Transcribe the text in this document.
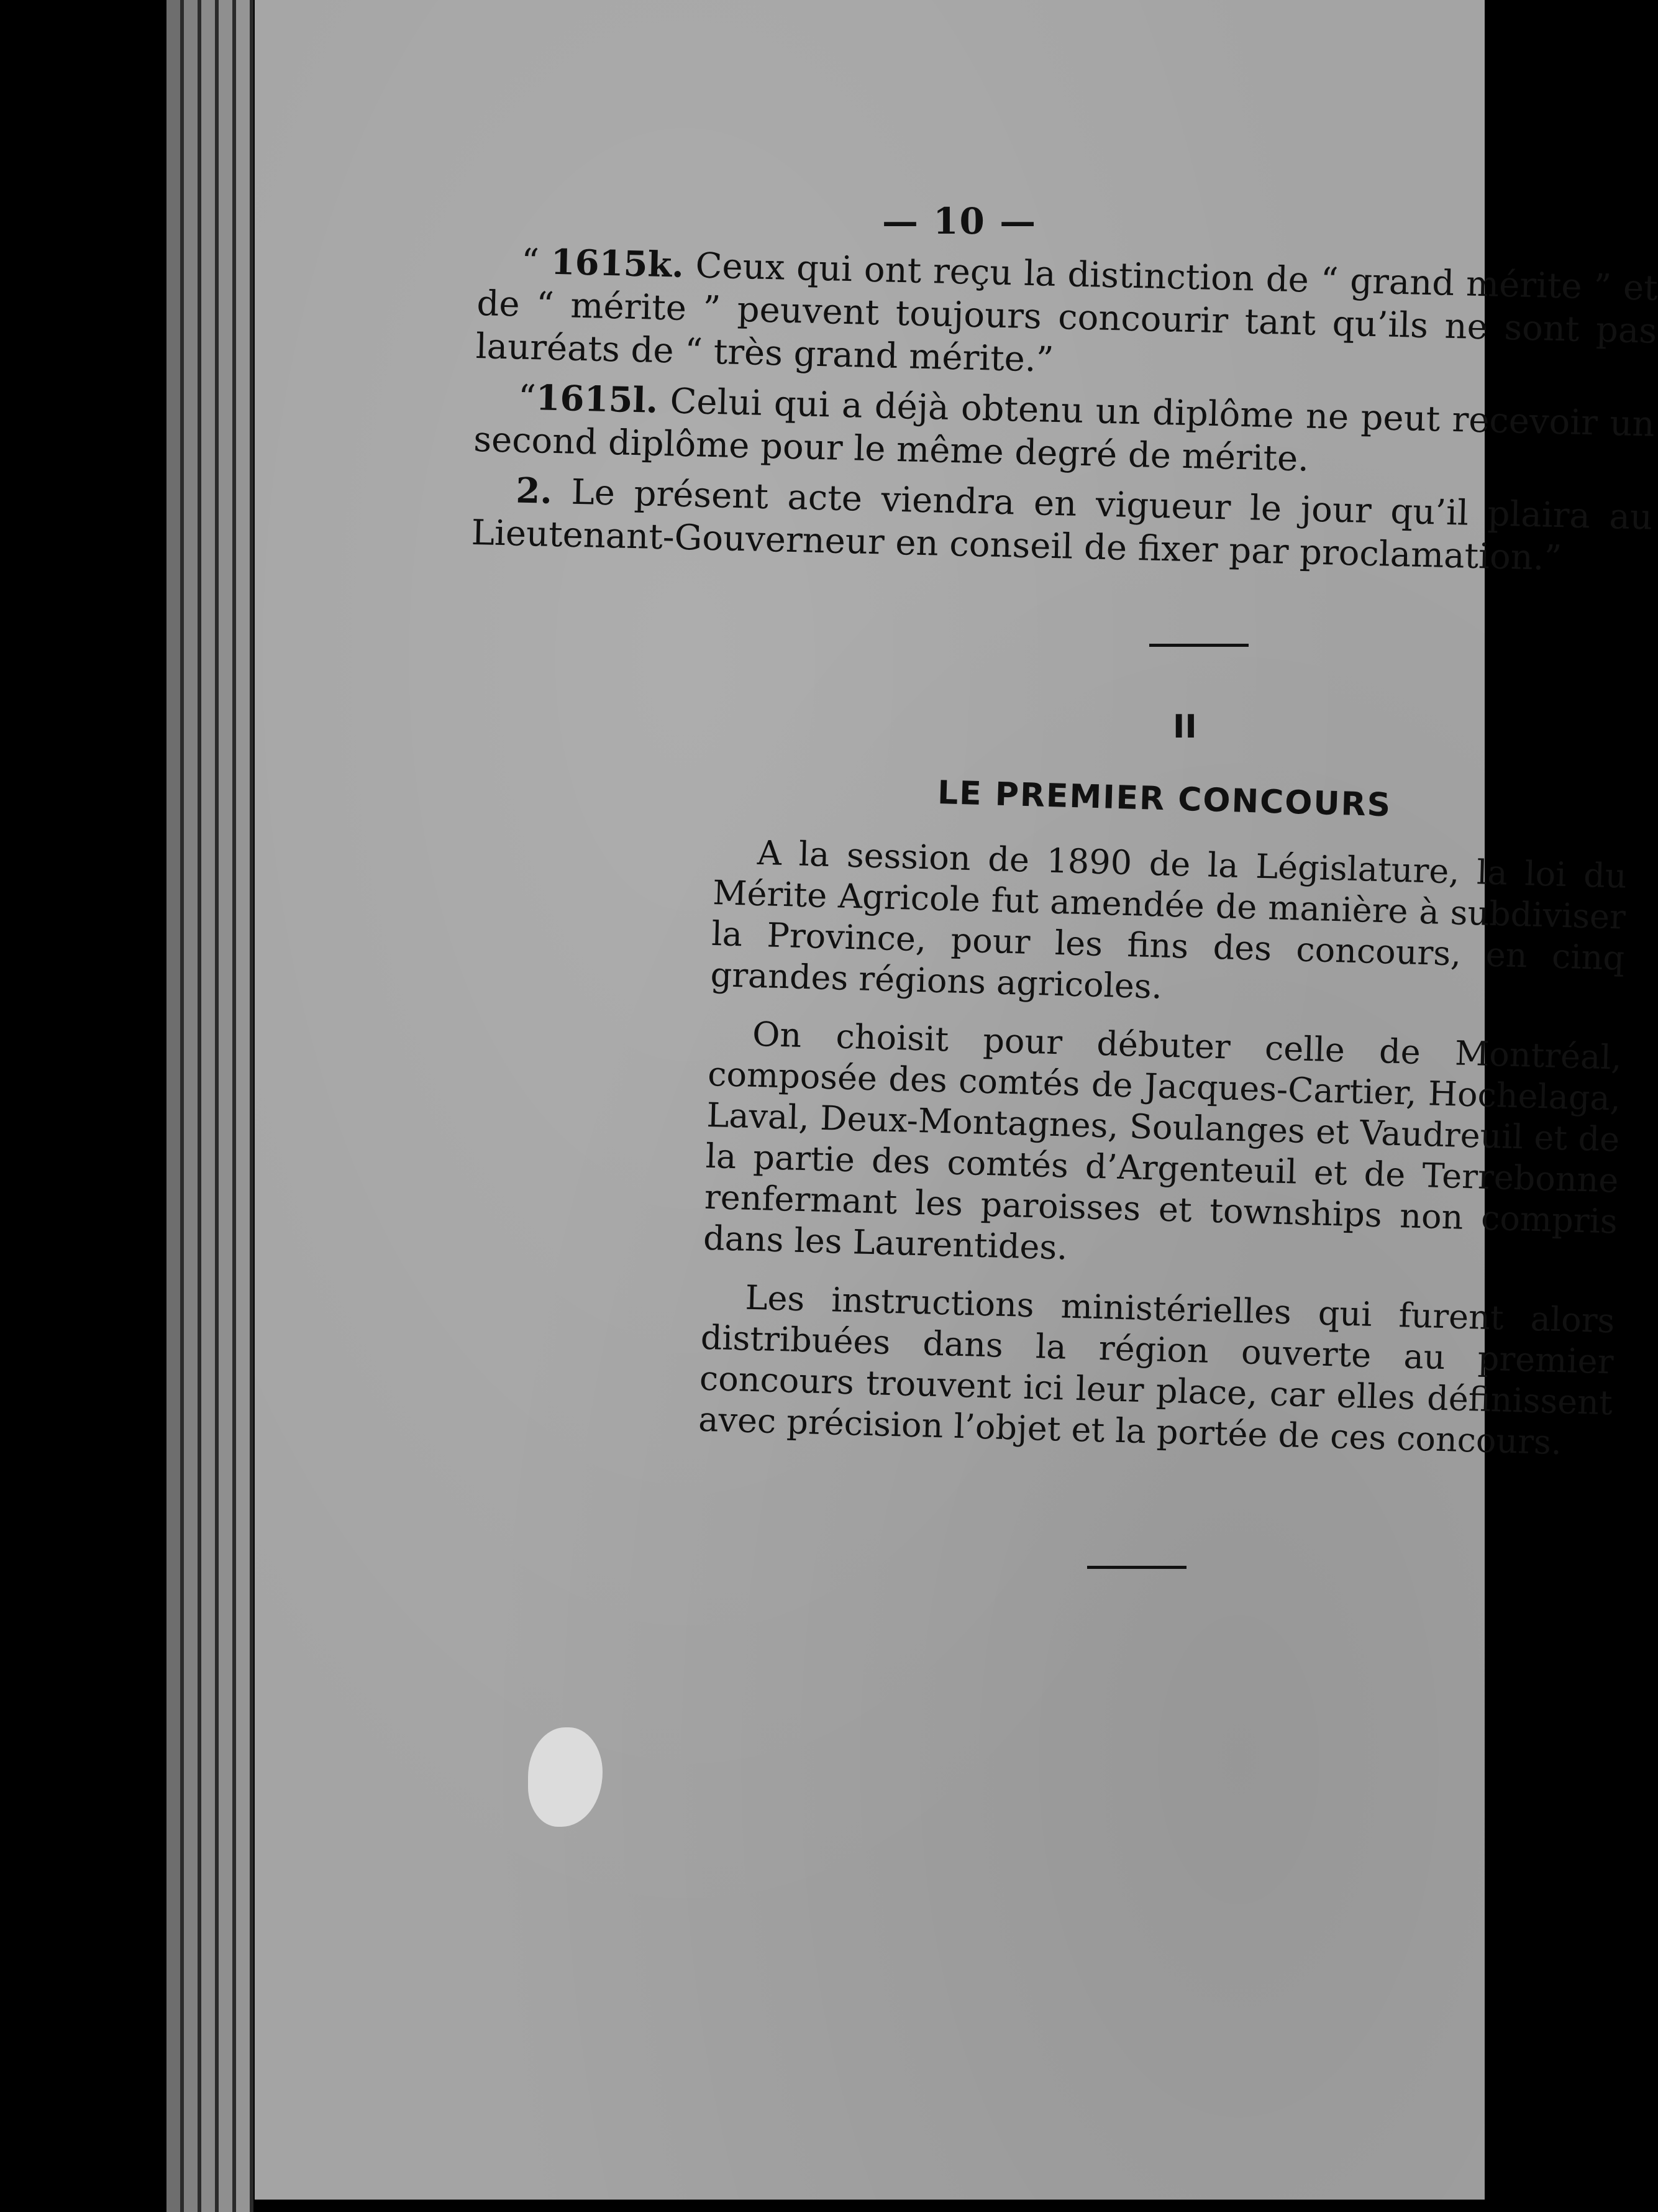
— 10 —

“ 1615k. Ceux qui ont reçu la distinction de “ grand mérite ” et de “ mérite ” peuvent toujours concourir tant qu’ils ne sont pas lauréats de “ très grand mérite.”

“1615l. Celui qui a déjà obtenu un diplôme ne peut recevoir un second diplôme pour le même degré de mérite.

2. Le présent acte viendra en vigueur le jour qu’il plaira au Lieutenant-Gouverneur en conseil de fixer par proclamation.”

II
LE PREMIER CONCOURS

A la session de 1890 de la Législature, la loi du Mérite Agricole fut amendée de manière à subdiviser la Province, pour les fins des concours, en cinq grandes régions agricoles.

On choisit pour débuter celle de Montréal, composée des comtés de Jacques-Cartier, Hochelaga, Laval, Deux-Montagnes, Soulanges et Vaudreuil et de la partie des comtés d’Argenteuil et de Terrebonne renfermant les paroisses et townships non compris dans les Laurentides.

Les instructions ministérielles qui furent alors distribuées dans la région ouverte au premier concours trouvent ici leur place, car elles définissent avec précision l’objet et la portée de ces concours.
